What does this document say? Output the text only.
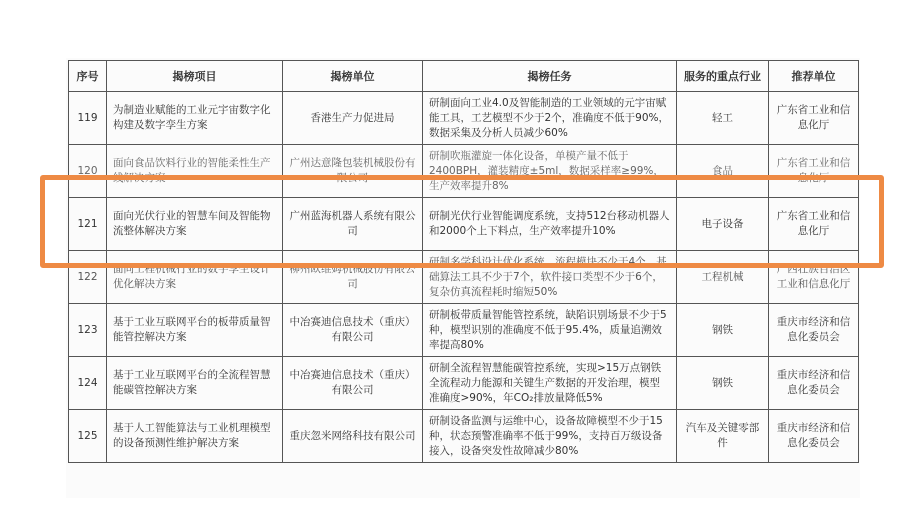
序号	揭榜项目	揭榜单位	揭榜任务	服务的重点行业	推荐单位
119	为制造业赋能的工业元宇宙数字化构建及数字孪生方案	香港生产力促进局	研制面向工业4.0及智能制造的工业领域的元宇宙赋能工具，工艺模型不少于2个，准确度不低于90%，数据采集及分析人员减少60%	轻工	广东省工业和信息化厅
120	面向食品饮料行业的智能柔性生产线解决方案	广州达意隆包装机械股份有限公司	研制吹瓶灌旋一体化设备，单模产量不低于2400BPH，灌装精度±5ml，数据采样率≥99%，生产效率提升8%	食品	广东省工业和信息化厅
121	面向光伏行业的智慧车间及智能物流整体解决方案	广州蓝海机器人系统有限公司	研制光伏行业智能调度系统，支持512台移动机器人和2000个上下料点，生产效率提升10%	电子设备	广东省工业和信息化厅
122	面向工程机械行业的数字孪生设计优化解决方案	柳州欧维姆机械股份有限公司	研制多学科设计优化系统，流程模块不少于4个，基础算法工具不少于7个，软件接口类型不少于6个，复杂仿真流程耗时缩短50%	工程机械	广西壮族自治区工业和信息化厅
123	基于工业互联网平台的板带质量智能管控解决方案	中冶赛迪信息技术（重庆）有限公司	研制板带质量智能管控系统，缺陷识别场景不少于5种，模型识别的准确度不低于95.4%，质量追溯效率提高80%	钢铁	重庆市经济和信息化委员会
124	基于工业互联网平台的全流程智慧能碳管控解决方案	中冶赛迪信息技术（重庆）有限公司	研制全流程智慧能碳管控系统，实现>15万点钢铁全流程动力能源和关键生产数据的开发治理，模型准确度>90%，年CO₂排放量降低5%	钢铁	重庆市经济和信息化委员会
125	基于人工智能算法与工业机理模型的设备预测性维护解决方案	重庆忽米网络科技有限公司	研制设备监测与运维中心，设备故障模型不少于15种，状态预警准确率不低于99%，支持百万级设备接入，设备突发性故障减少80%	汽车及关键零部件	重庆市经济和信息化委员会
